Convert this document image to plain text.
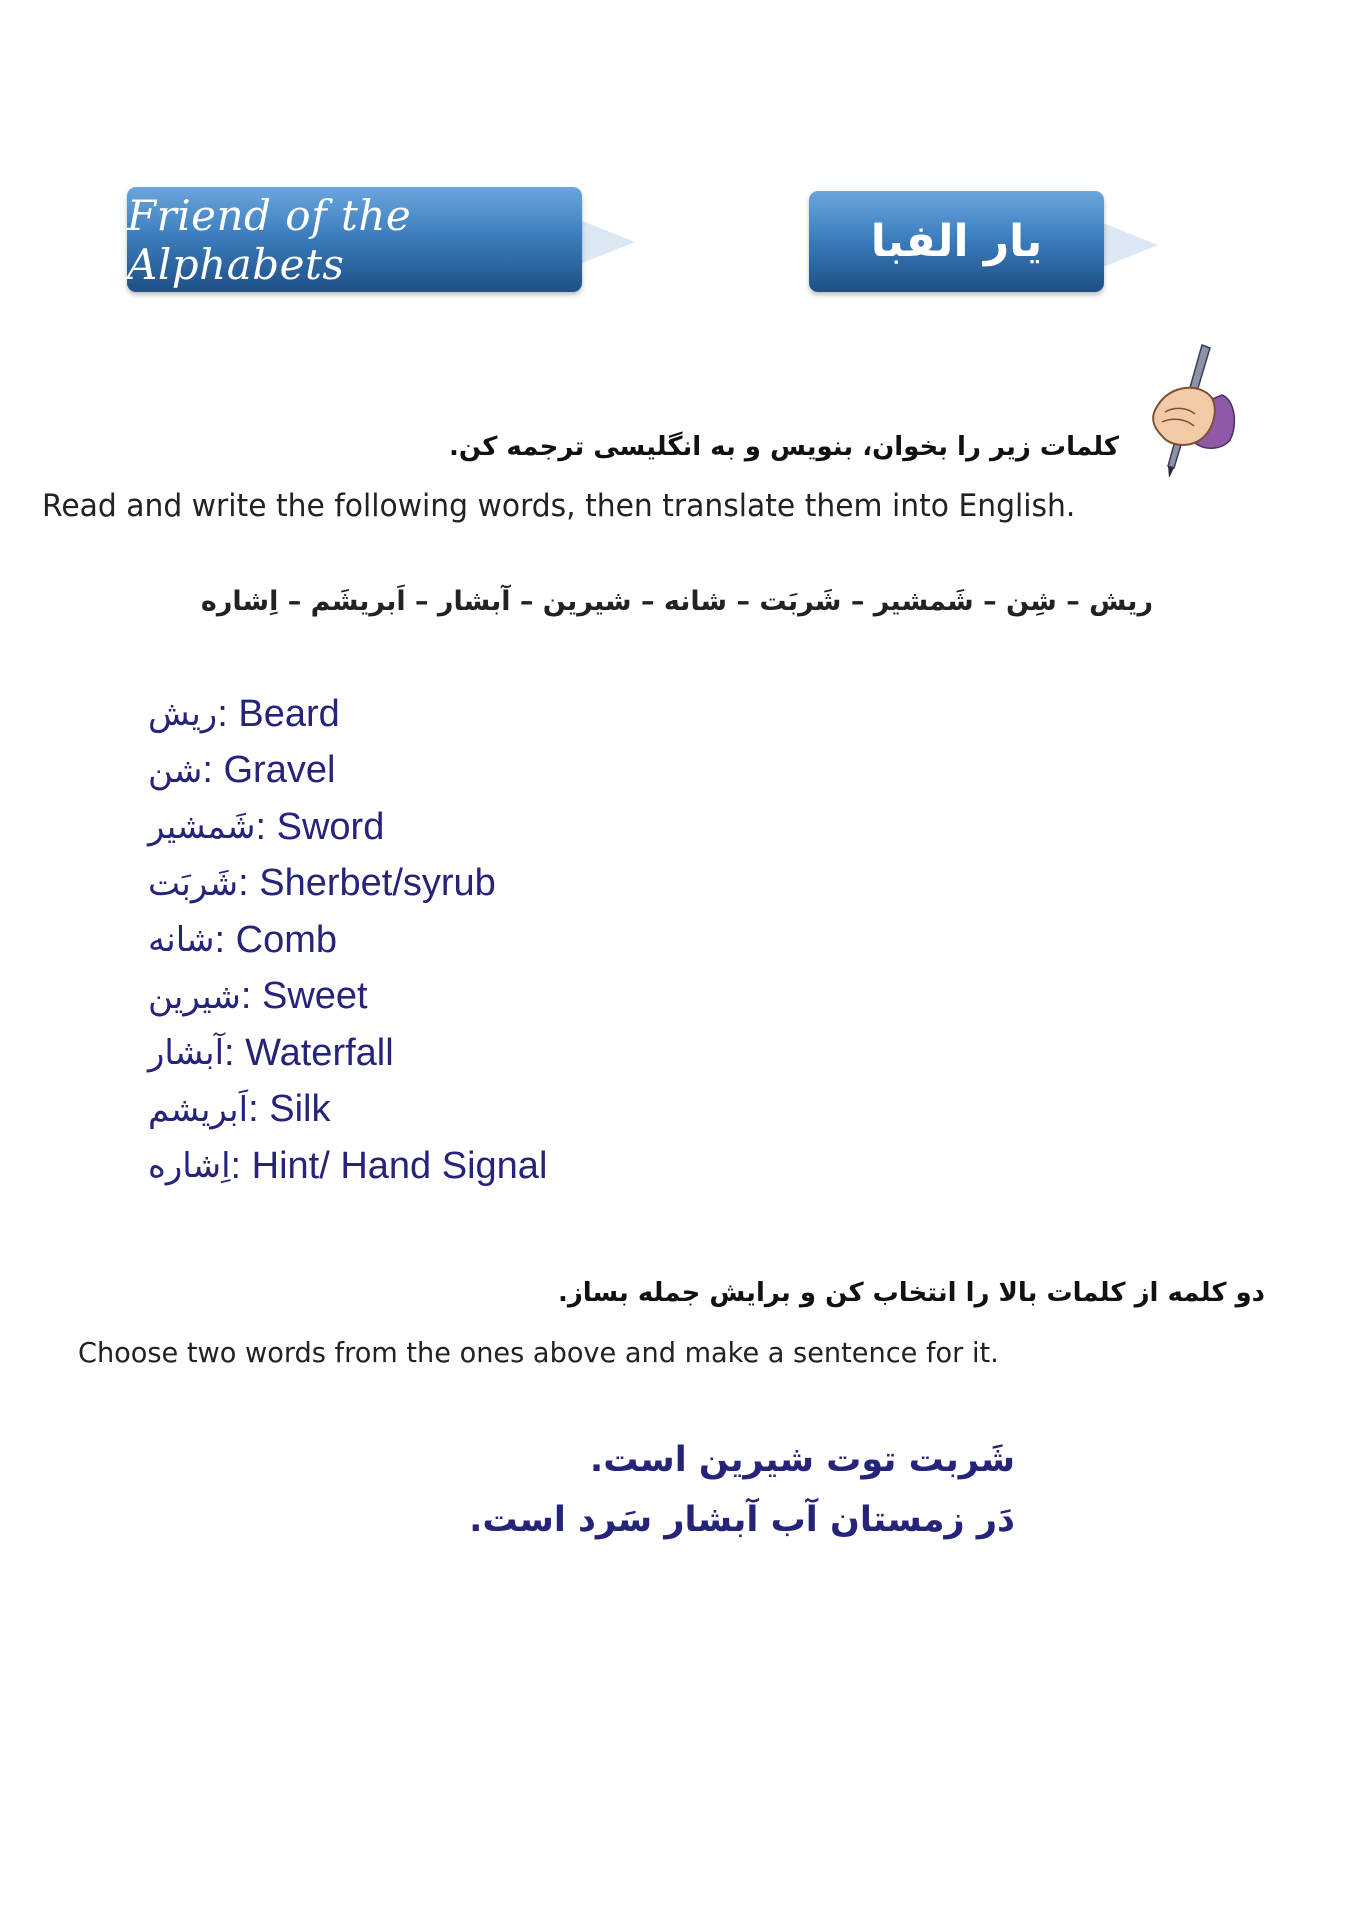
Friend of the Alphabets	یار الفبا
کلمات زیر را بخوان، بنویس و به انگلیسی ترجمه کن.
Read and write the following words, then translate them into English.
ریش – شِن – شَمشیر – شَربَت – شانه – شیرین – آبشار – اَبریشَم – اِشاره
ریش : Beard
شن : Gravel
شَمشیر : Sword
شَربَت : Sherbet/syrub
شانه : Comb
شیرین : Sweet
آبشار : Waterfall
اَبریشم : Silk
اِشاره : Hint/ Hand Signal
دو کلمه از کلمات بالا را انتخاب کن و برایش جمله بساز.
Choose two words from the ones above and make a sentence for it.
شَربت توت شیرین است.
دَر زمستان آب آبشار سَرد است.
